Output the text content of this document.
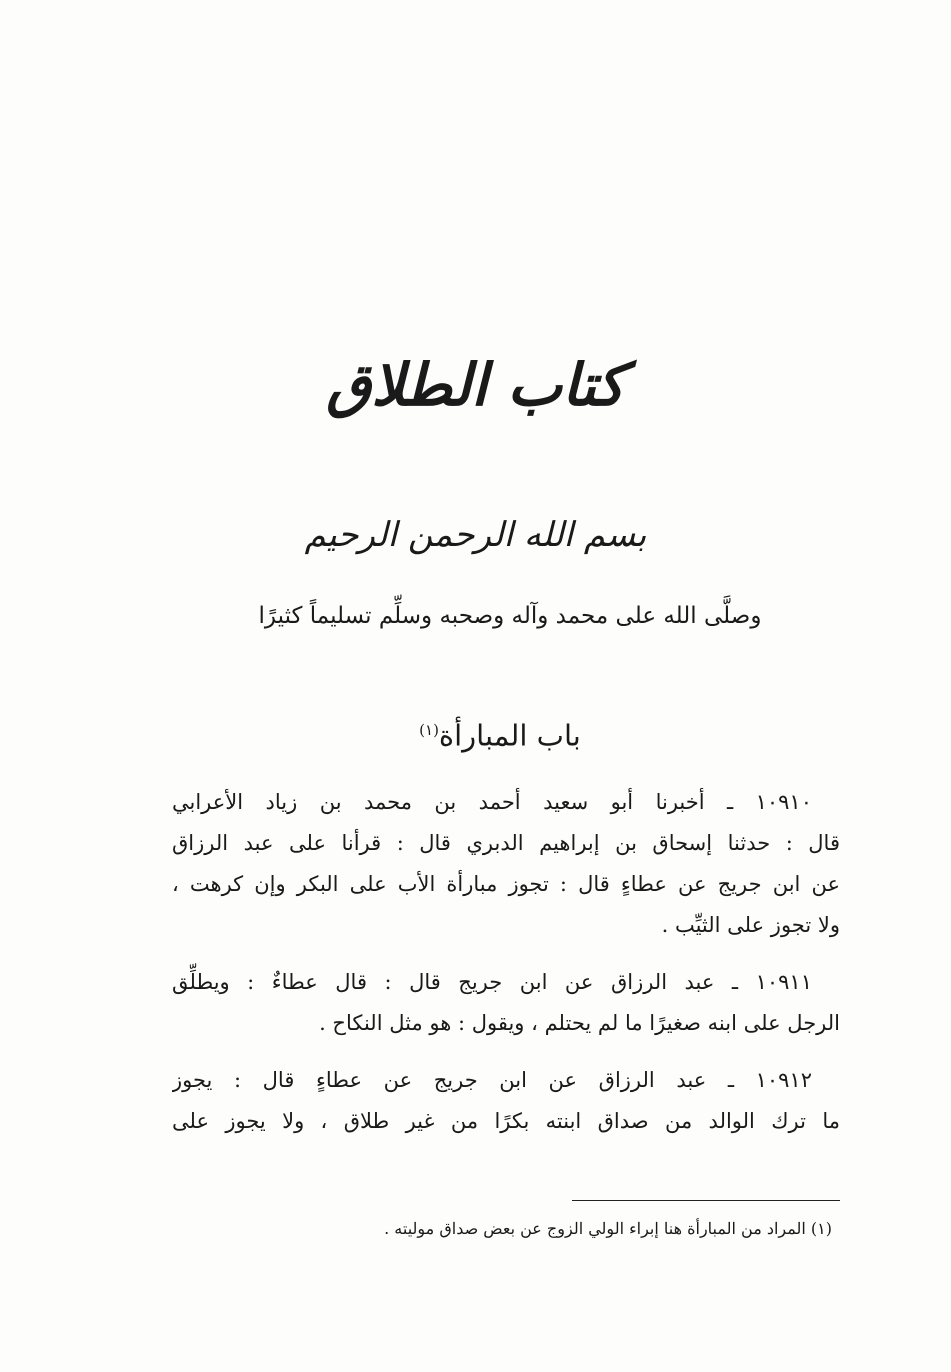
كتاب الطلاق
بسم الله الرحمن الرحيم
وصلَّى الله على محمد وآله وصحبه وسلِّم تسليماً كثيرًا
باب المبارأة$^{(١)}$
١٠٩١٠ ـ أخبرنا أبو سعيد أحمد بن محمد بن زياد الأعرابي
قال : حدثنا إسحاق بن إبراهيم الدبري قال : قرأنا على عبد الرزاق
عن ابن جريج عن عطاءٍ قال : تجوز مبارأة الأب على البكر وإن كرهت ،
ولا تجوز على الثيِّب .
١٠٩١١ ـ عبد الرزاق عن ابن جريج قال : قال عطاءٌ : ويطلِّق
الرجل على ابنه صغيرًا ما لم يحتلم ، ويقول : هو مثل النكاح .
١٠٩١٢ ـ عبد الرزاق عن ابن جريج عن عطاءٍ قال : يجوز
ما ترك الوالد من صداق ابنته بكرًا من غير طلاق ، ولا يجوز على
(١) المراد من المبارأة هنا إبراء الولي الزوج عن بعض صداق موليته .
